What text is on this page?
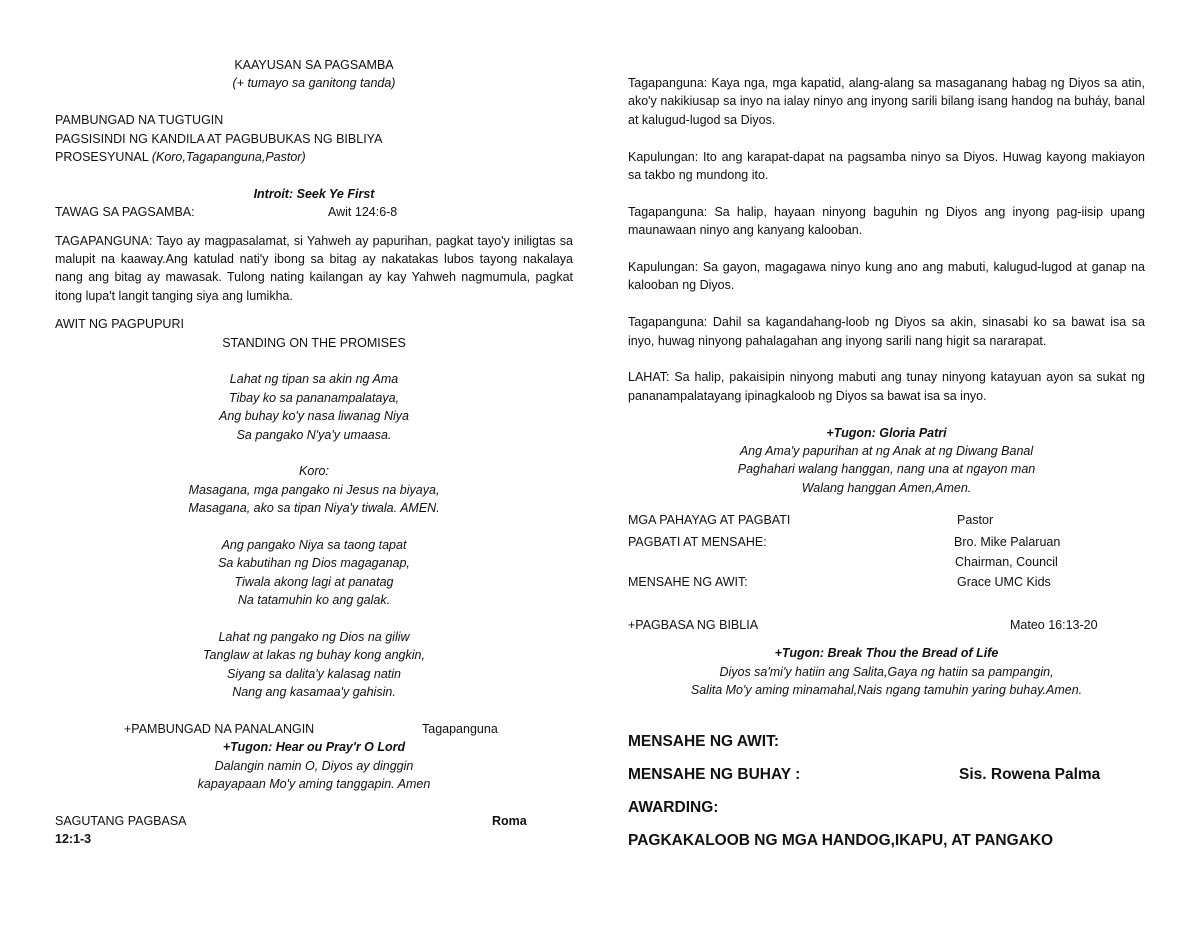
KAAYUSAN SA PAGSAMBA

(+ tumayo sa ganitong tanda)

PAMBUNGAD NA TUGTUGIN

PAGSISINDI NG KANDILA AT PAGBUBUKAS NG BIBLIYA

PROSESYUNAL (Koro,Tagapanguna,Pastor)

Introit: Seek Ye First

TAWAG SA PAGSAMBA:	Awit 124:6-8

TAGAPANGUNA: Tayo ay magpasalamat, si Yahweh ay papurihan, pagkat tayo'y iniligtas sa malupit na kaaway.Ang katulad nati'y ibong sa bitag ay nakatakas lubos tayong nakalaya nang ang bitag ay mawasak. Tulong nating kailangan ay kay Yahweh nagmumula, pagkat itong lupa't langit tanging siya ang lumikha.

AWIT NG PAGPUPURI

STANDING ON THE PROMISES

Lahat ng tipan sa akin ng Ama

Tibay ko sa pananampalataya,

Ang buhay ko'y nasa liwanag Niya

Sa pangako N'ya'y umaasa.

Koro:

Masagana, mga pangako ni Jesus na biyaya,

Masagana, ako sa tipan Niya'y tiwala. AMEN.

Ang pangako Niya sa taong tapat

Sa kabutihan ng Dios magaganap,

Tiwala akong lagi at panatag

Na tatamuhin ko ang galak.

Lahat ng pangako ng Dios na giliw

Tanglaw at lakas ng buhay kong angkin,

Siyang sa dalita'y kalasag natin

Nang ang kasamaa'y gahisin.

+PAMBUNGAD NA PANALANGIN	Tagapanguna

+Tugon: Hear ou Pray'r O Lord

Dalangin namin O, Diyos ay dinggin

kapayapaan Mo'y aming tanggapin. Amen

SAGUTANG PAGBASA	Roma

12:1-3

Tagapanguna: Kaya nga, mga kapatid, alang-alang sa masaganang habag ng Diyos sa atin, ako'y nakikiusap sa inyo na ialay ninyo ang inyong sarili bilang isang handog na buháy, banal at kalugud-lugod sa Diyos.

Kapulungan: Ito ang karapat-dapat na pagsamba ninyo sa Diyos. Huwag kayong makiayon sa takbo ng mundong ito.

Tagapanguna: Sa halip, hayaan ninyong baguhin ng Diyos ang inyong pag-iisip upang maunawaan ninyo ang kanyang kalooban.

Kapulungan: Sa gayon, magagawa ninyo kung ano ang mabuti, kalugud-lugod at ganap na kalooban ng Diyos.

Tagapanguna: Dahil sa kagandahang-loob ng Diyos sa akin, sinasabi ko sa bawat isa sa inyo, huwag ninyong pahalagahan ang inyong sarili nang higit sa nararapat.

LAHAT: Sa halip, pakaisipin ninyong mabuti ang tunay ninyong katayuan ayon sa sukat ng pananampalatayang ipinagkaloob ng Diyos sa bawat isa sa inyo.

+Tugon: Gloria Patri

Ang Ama'y papurihan at ng Anak at ng Diwang Banal

Paghahari walang hanggan, nang una at ngayon man

Walang hanggan Amen,Amen.

MGA PAHAYAG AT PAGBATI	Pastor
PAGBATI AT MENSAHE:	Bro. Mike Palaruan
Chairman, Council
MENSAHE NG AWIT:	Grace UMC Kids
+PAGBASA NG BIBLIA	Mateo 16:13-20

+Tugon: Break Thou the Bread of Life

Diyos sa'mi'y hatiin ang Salita,Gaya ng hatiin sa pampangin,

Salita Mo'y aming minamahal,Nais ngang tamuhin yaring buhay.Amen.

MENSAHE NG AWIT:

MENSAHE NG BUHAY :	Sis. Rowena Palma

AWARDING:

PAGKAKALOOB NG MGA HANDOG,IKAPU, AT PANGAKO
